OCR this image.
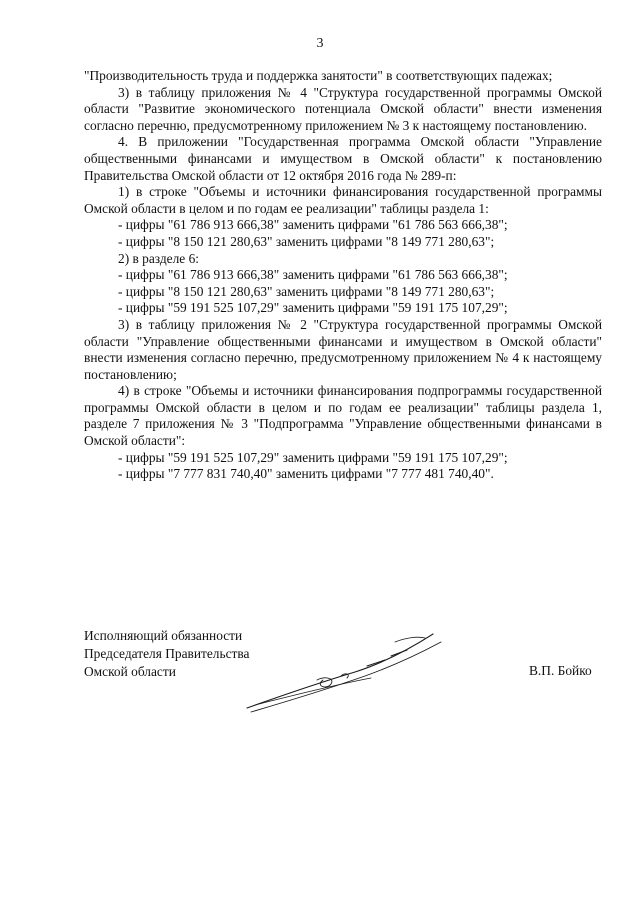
3

"Производительность труда и поддержка занятости" в соответствующих падежах;

3) в таблицу приложения № 4 "Структура государственной программы Омской области "Развитие экономического потенциала Омской области" внести изменения согласно перечню, предусмотренному приложением № 3 к настоящему постановлению.

4. В приложении "Государственная программа Омской области "Управление общественными финансами и имуществом в Омской области" к постановлению Правительства Омской области от 12 октября 2016 года № 289-п:

1) в строке "Объемы и источники финансирования государственной программы Омской области в целом и по годам ее реализации" таблицы раздела 1:

- цифры "61 786 913 666,38" заменить цифрами "61 786 563 666,38";

- цифры "8 150 121 280,63" заменить цифрами "8 149 771 280,63";

2) в разделе 6:

- цифры "61 786 913 666,38" заменить цифрами "61 786 563 666,38";

- цифры "8 150 121 280,63" заменить цифрами "8 149 771 280,63";

- цифры "59 191 525 107,29" заменить цифрами "59 191 175 107,29";

3) в таблицу приложения № 2 "Структура государственной программы Омской области "Управление общественными финансами и имуществом в Омской области" внести изменения согласно перечню, предусмотренному приложением № 4 к настоящему постановлению;

4) в строке "Объемы и источники финансирования подпрограммы государственной программы Омской области в целом и по годам ее реализации" таблицы раздела 1, разделе 7 приложения № 3 "Подпрограмма "Управление общественными финансами в Омской области":

- цифры "59 191 525 107,29" заменить цифрами "59 191 175 107,29";

- цифры "7 777 831 740,40" заменить цифрами "7 777 481 740,40".

Исполняющий обязанности
Председателя Правительства
Омской области	В.П. Бойко
